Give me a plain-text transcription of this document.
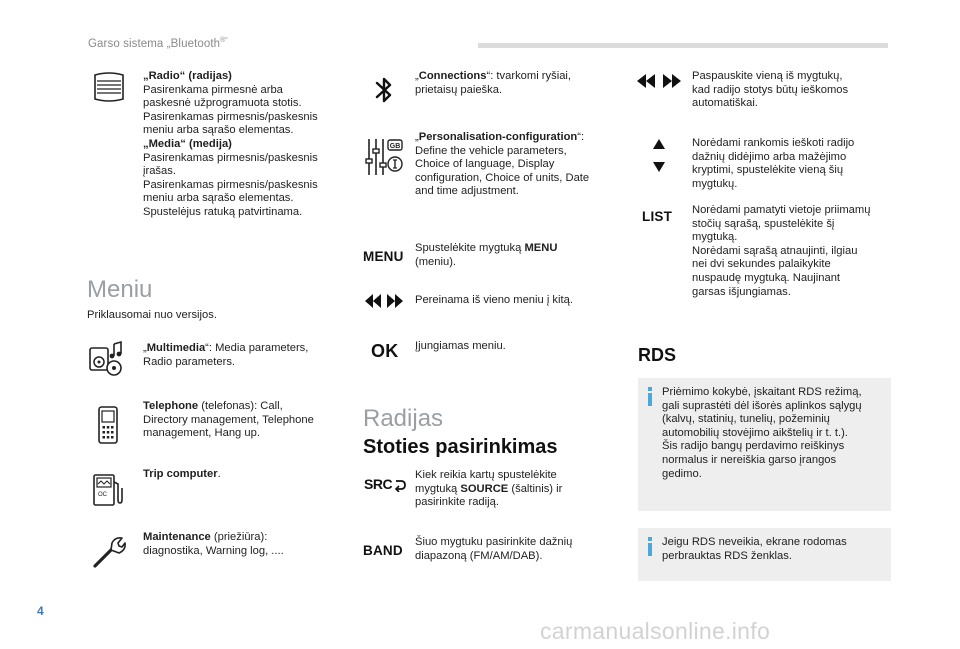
Garso sistema „Bluetooth®“

„Radio“ (radijas)

Pasirenkama pirmesnė arba

paskesnė užprogramuota stotis.

Pasirenkamas pirmesnis/paskesnis

meniu arba sąrašo elementas.

„Media“ (medija)

Pasirenkamas pirmesnis/paskesnis

įrašas.

Pasirenkamas pirmesnis/paskesnis

meniu arba sąrašo elementas.

Spustelėjus ratuką patvirtinama.

Meniu
Priklausomai nuo versijos.

„Multimedia“: Media parameters,

Radio parameters.

Telephone (telefonas): Call,

Directory management, Telephone

management, Hang up.

OC

Trip computer.

Maintenance (priežiūra):

diagnostika, Warning log, ....

„Connections“: tvarkomi ryšiai,

prietaisų paieška.

GB

„Personalisation-configuration“:

Define the vehicle parameters,

Choice of language, Display

configuration, Choice of units, Date

and time adjustment.

MENU

Spustelėkite mygtuką MENU

(meniu).

Pereinama iš vieno meniu į kitą.
OK Įjungiamas meniu.
Radijas
Stoties pasirinkimas
SRC

Kiek reikia kartų spustelėkite

mygtuką SOURCE (šaltinis) ir

pasirinkite radiją.

BAND

Šiuo mygtuku pasirinkite dažnių

diapazoną (FM/AM/DAB).

Paspauskite vieną iš mygtukų,

kad radijo stotys būtų ieškomos

automatiškai.

Norėdami rankomis ieškoti radijo

dažnių didėjimo arba mažėjimo

kryptimi, spustelėkite vieną šių

mygtukų.

LIST Norėdami pamatyti vietoje priimamų

stočių sąrašą, spustelėkite šį

mygtuką.

Norėdami sąrašą atnaujinti, ilgiau

nei dvi sekundes palaikykite

nuspaudę mygtuką. Naujinant

garsas išjungiamas.

RDS

Priėmimo kokybė, įskaitant RDS režimą,

gali suprastėti dėl išorės aplinkos sąlygų

(kalvų, statinių, tunelių, požeminių

automobilių stovėjimo aikštelių ir t. t.).

Šis radijo bangų perdavimo reiškinys

normalus ir nereiškia garso įrangos

gedimo.

Jeigu RDS neveikia, ekrane rodomas

perbrauktas RDS ženklas.

4
carmanualsonline.info
